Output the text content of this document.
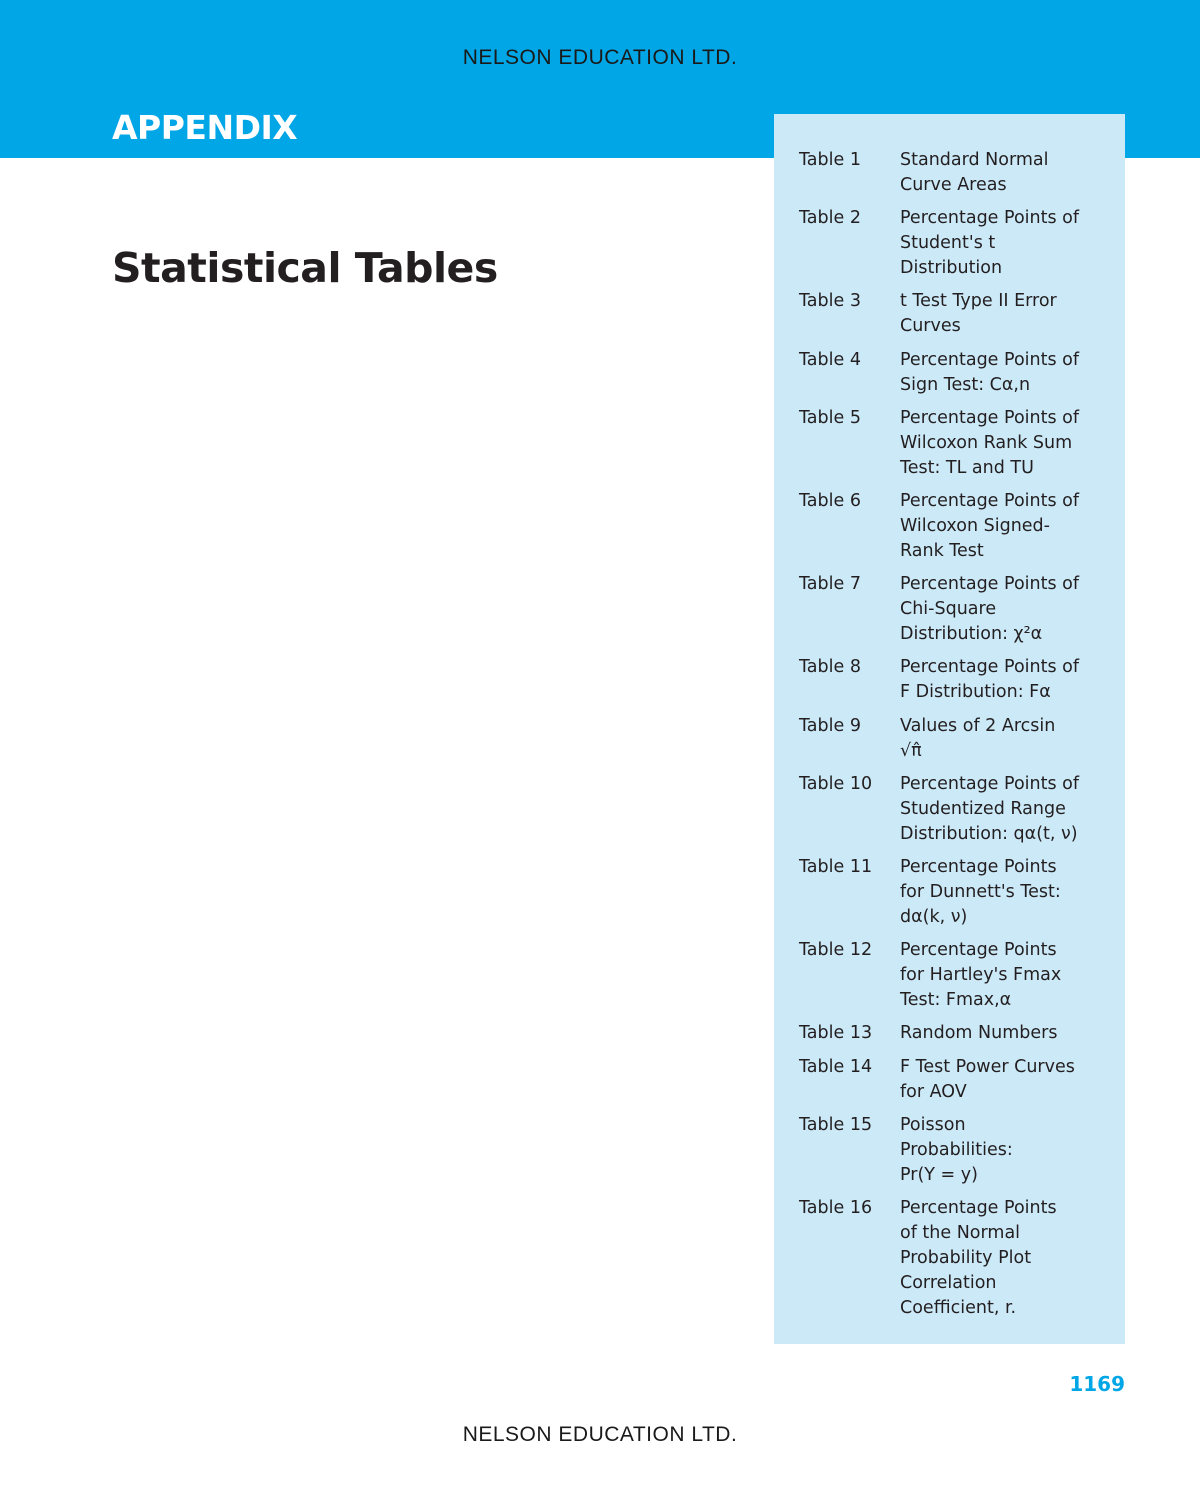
NELSON EDUCATION LTD.
APPENDIX
Statistical Tables
Table 1 Standard Normal
Curve Areas
Table 2 Percentage Points of
Student's t
Distribution
Table 3 t Test Type II Error
Curves
Table 4 Percentage Points of
Sign Test: Cα,n
Table 5 Percentage Points of
Wilcoxon Rank Sum
Test: TL and TU
Table 6 Percentage Points of
Wilcoxon Signed-
Rank Test
Table 7 Percentage Points of
Chi-Square
Distribution: χ²α
Table 8 Percentage Points of
F Distribution: Fα
Table 9 Values of 2 Arcsin
√π̂
Table 10 Percentage Points of
Studentized Range
Distribution: qα(t, ν)
Table 11 Percentage Points
for Dunnett's Test:
dα(k, ν)
Table 12 Percentage Points
for Hartley's Fmax
Test: Fmax,α
Table 13 Random Numbers
Table 14 F Test Power Curves
for AOV
Table 15 Poisson
Probabilities:
Pr(Y = y)
Table 16 Percentage Points
of the Normal
Probability Plot
Correlation
Coefficient, r.
1169
NELSON EDUCATION LTD.
